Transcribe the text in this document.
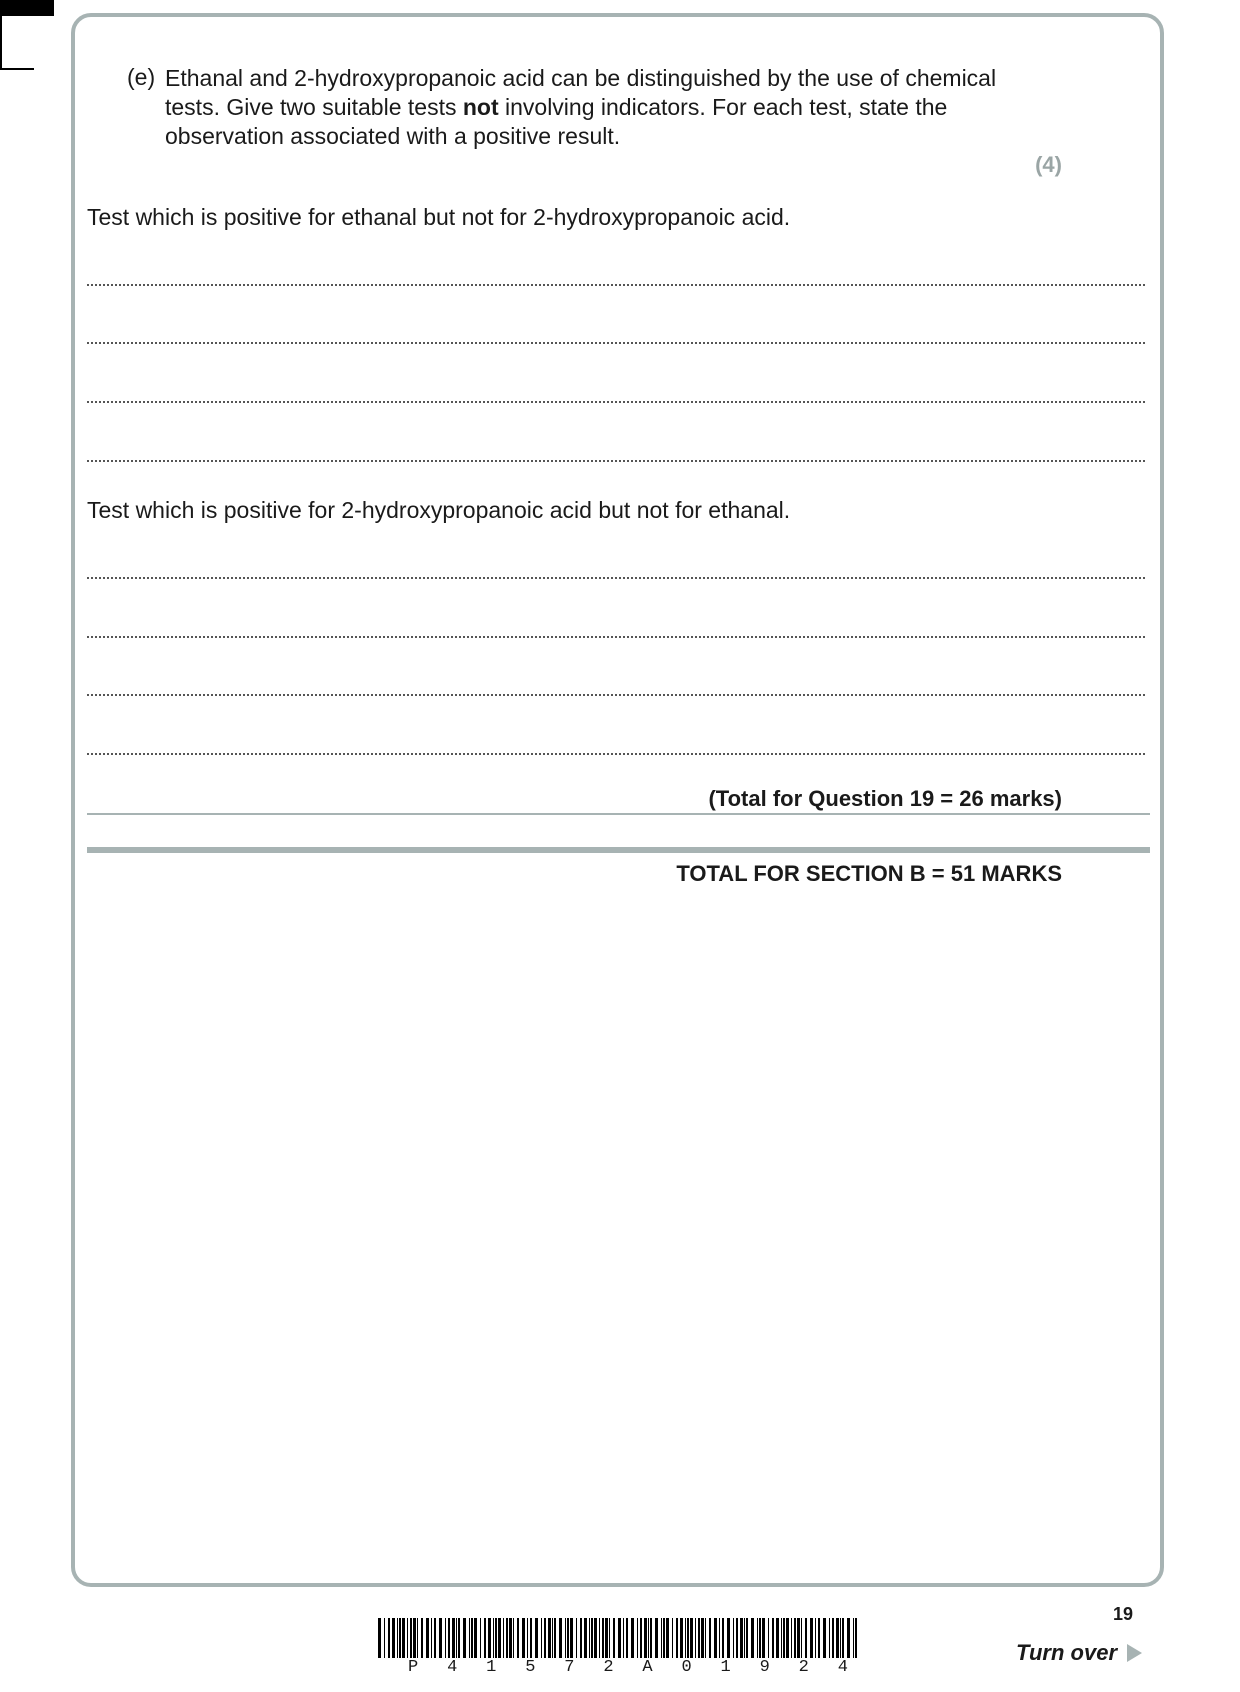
(e) Ethanal and 2-hydroxypropanoic acid can be distinguished by the use of chemical tests. Give two suitable tests not involving indicators. For each test, state the observation associated with a positive result.
(4)
Test which is positive for ethanal but not for 2-hydroxypropanoic acid.
Test which is positive for 2-hydroxypropanoic acid but not for ethanal.
(Total for Question 19 = 26 marks)
TOTAL FOR SECTION B = 51 MARKS
P 4 1 5 7 2 A 0 1 9 2 4
19
Turn over
